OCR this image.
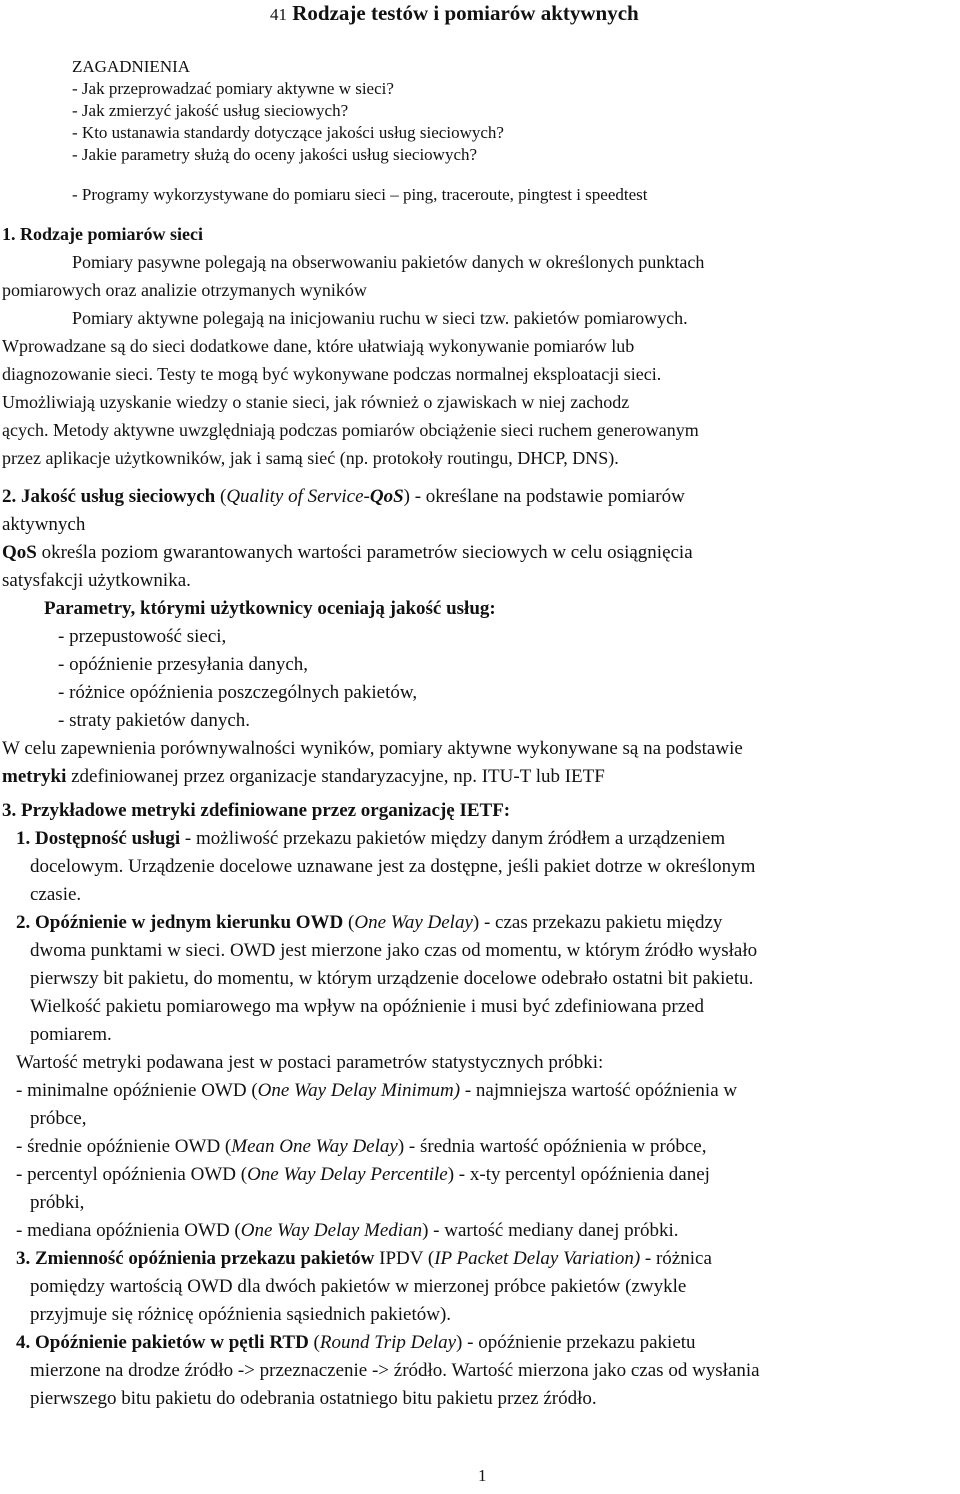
41 Rodzaje testów i pomiarów aktywnych
ZAGADNIENIA
- Jak przeprowadzać pomiary aktywne w sieci?
- Jak zmierzyć jakość usług sieciowych?
- Kto ustanawia standardy dotyczące jakości usług sieciowych?
- Jakie parametry służą do oceny jakości usług sieciowych?
- Programy wykorzystywane do pomiaru sieci – ping, traceroute, pingtest i speedtest
1. Rodzaje pomiarów sieci
Pomiary pasywne polegają na obserwowaniu pakietów danych w określonych punktach
pomiarowych oraz analizie otrzymanych wyników
Pomiary aktywne polegają na inicjowaniu ruchu w sieci tzw. pakietów pomiarowych.
Wprowadzane są do sieci dodatkowe dane, które ułatwiają wykonywanie pomiarów lub
diagnozowanie sieci. Testy te mogą być wykonywane podczas normalnej eksploatacji sieci.
Umożliwiają uzyskanie wiedzy o stanie sieci, jak również o zjawiskach w niej zachodz
ących. Metody aktywne uwzględniają podczas pomiarów obciążenie sieci ruchem generowanym
przez aplikacje użytkowników, jak i samą sieć (np. protokoły routingu, DHCP, DNS).
2. Jakość usług sieciowych (Quality of Service-QoS) - określane na podstawie pomiarów
aktywnych
QoS określa poziom gwarantowanych wartości parametrów sieciowych w celu osiągnięcia
satysfakcji użytkownika.
Parametry, którymi użytkownicy oceniają jakość usług:
- przepustowość sieci,
- opóźnienie przesyłania danych,
- różnice opóźnienia poszczególnych pakietów,
- straty pakietów danych.
W celu zapewnienia porównywalności wyników, pomiary aktywne wykonywane są na podstawie
metryki zdefiniowanej przez organizacje standaryzacyjne, np. ITU-T lub IETF
3. Przykładowe metryki zdefiniowane przez organizację IETF:
1. Dostępność usługi - możliwość przekazu pakietów między danym źródłem a urządzeniem
docelowym. Urządzenie docelowe uznawane jest za dostępne, jeśli pakiet dotrze w określonym
czasie.
2. Opóźnienie w jednym kierunku OWD (One Way Delay) - czas przekazu pakietu między
dwoma punktami w sieci. OWD jest mierzone jako czas od momentu, w którym źródło wysłało
pierwszy bit pakietu, do momentu, w którym urządzenie docelowe odebrało ostatni bit pakietu.
Wielkość pakietu pomiarowego ma wpływ na opóźnienie i musi być zdefiniowana przed
pomiarem.
Wartość metryki podawana jest w postaci parametrów statystycznych próbki:
- minimalne opóźnienie OWD (One Way Delay Minimum) - najmniejsza wartość opóźnienia w
próbce,
- średnie opóźnienie OWD (Mean One Way Delay) - średnia wartość opóźnienia w próbce,
- percentyl opóźnienia OWD (One Way Delay Percentile) - x-ty percentyl opóźnienia danej
próbki,
- mediana opóźnienia OWD (One Way Delay Median) - wartość mediany danej próbki.
3. Zmienność opóźnienia przekazu pakietów IPDV (IP Packet Delay Variation) - różnica
pomiędzy wartością OWD dla dwóch pakietów w mierzonej próbce pakietów (zwykle
przyjmuje się różnicę opóźnienia sąsiednich pakietów).
4. Opóźnienie pakietów w pętli RTD (Round Trip Delay) - opóźnienie przekazu pakietu
mierzone na drodze źródło -> przeznaczenie -> źródło. Wartość mierzona jako czas od wysłania
pierwszego bitu pakietu do odebrania ostatniego bitu pakietu przez źródło.
1
